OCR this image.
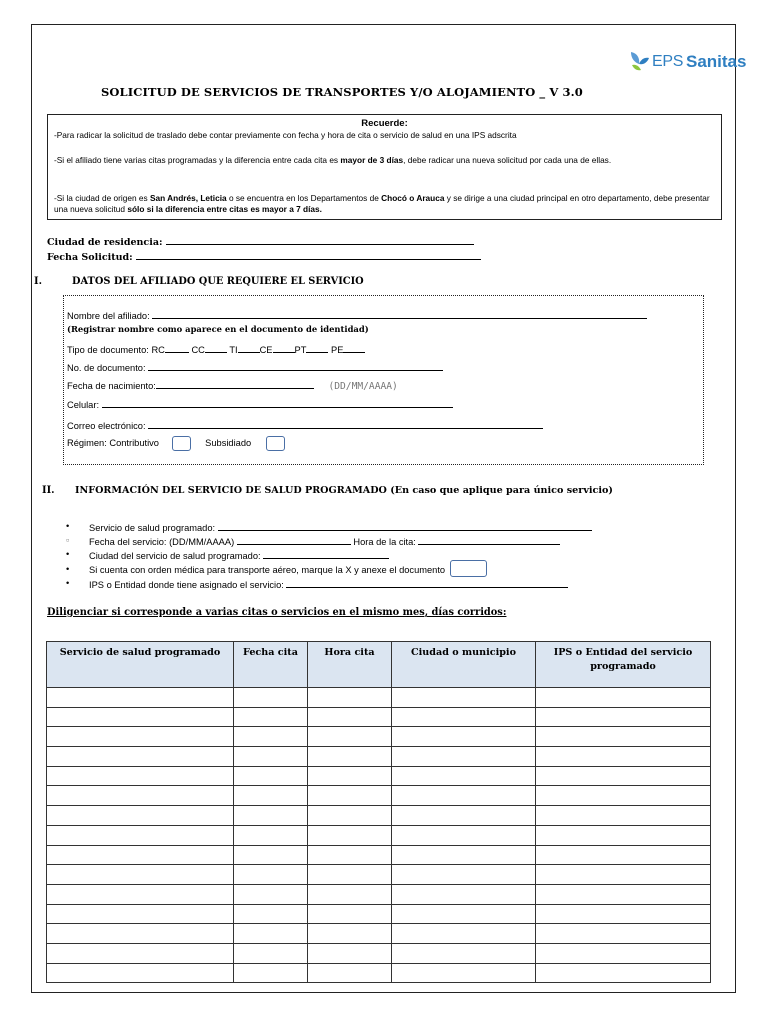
EPS Sanitas
SOLICITUD DE SERVICIOS DE TRANSPORTES Y/O ALOJAMIENTO _ V 3.0
Recuerde:
-Para radicar la solicitud de traslado debe contar previamente con fecha y hora de cita o servicio de salud en una IPS adscrita
-Si el afiliado tiene varias citas programadas y la diferencia entre cada cita es mayor de 3 días, debe radicar una nueva solicitud por cada una de ellas.
-Si la ciudad de origen es San Andrés, Leticia o se encuentra en los Departamentos de Chocó o Arauca y se dirige a una ciudad principal en otro departamento, debe presentar una nueva solicitud sólo si la diferencia entre citas es mayor a 7 días.
Ciudad de residencia:
Fecha Solicitud:
I.	DATOS DEL AFILIADO QUE REQUIERE EL SERVICIO
Nombre del afiliado:
(Registrar nombre como aparece en el documento de identidad)
Tipo de documento: RC	CC	TI CE PT	PE
No. de documento:
Fecha de nacimiento:	(DD/MM/AAAA)
Celular:
Correo electrónico:
Régimen: Contributivo	Subsidiado
II. INFORMACIÓN DEL SERVICIO DE SALUD PROGRAMADO (En caso que aplique para único servicio)
• Servicio de salud programado:
▫ Fecha del servicio: (DD/MM/AAAA)	Hora de la cita:
• Ciudad del servicio de salud programado:
• Si cuenta con orden médica para transporte aéreo, marque la X y anexe el documento
• IPS o Entidad donde tiene asignado el servicio:
Diligenciar si corresponde a varias citas o servicios en el mismo mes, días corridos:
Servicio de salud programado	Fecha cita	Hora cita	Ciudad o municipio	IPS o Entidad del servicio programado
